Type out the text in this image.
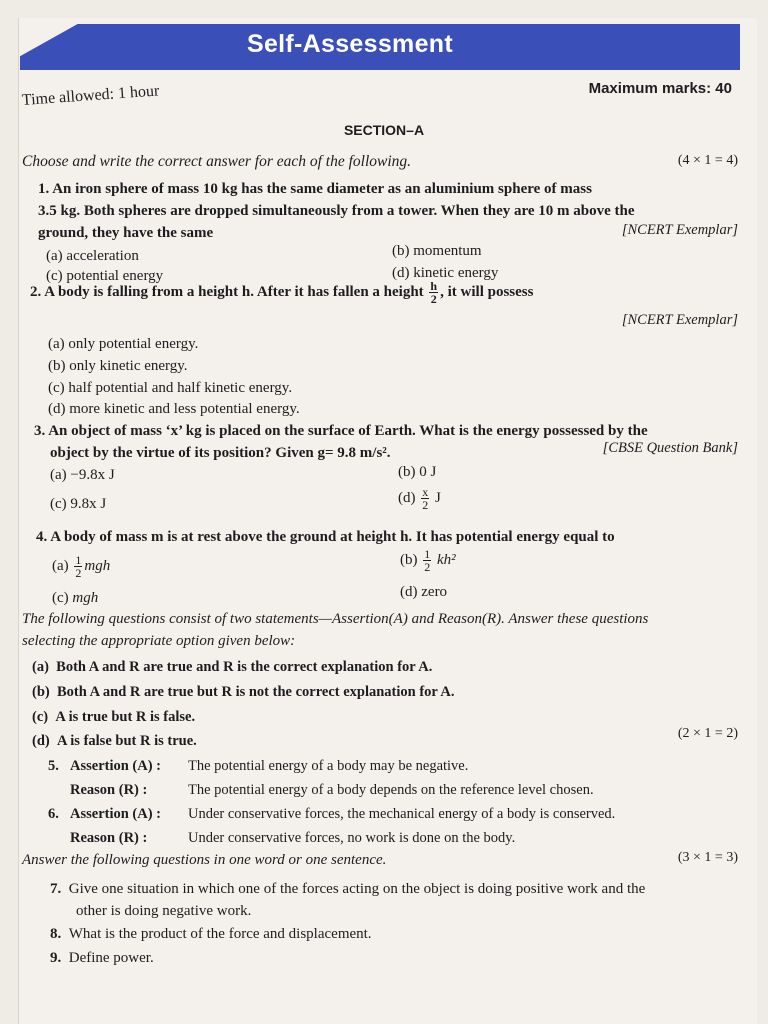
Self-Assessment
Time allowed: 1 hour	Maximum marks: 40
SECTION–A
Choose and write the correct answer for each of the following.	(4 × 1 = 4)
1. An iron sphere of mass 10 kg has the same diameter as an aluminium sphere of mass
3.5 kg. Both spheres are dropped simultaneously from a tower. When they are 10 m above the
ground, they have the same	[NCERT Exemplar]
(a) acceleration	(b) momentum
(c) potential energy	(d) kinetic energy
2. A body is falling from a height h. After it has fallen a height $\frac{h}{2}$ , it will possess
[NCERT Exemplar]
(a) only potential energy.
(b) only kinetic energy.
(c) half potential and half kinetic energy.
(d) more kinetic and less potential energy.
3. An object of mass ‘x’ kg is placed on the surface of Earth. What is the energy possessed by the
object by the virtue of its position? Given g= 9.8 m/s².	[CBSE Question Bank]
(a) −9.8x J	(b) 0 J
(c) 9.8x J	$(d) \frac{x}{2}$ J
4. A body of mass m is at rest above the ground at height h. It has potential energy equal to
$(a) \frac{1}{2}$ mgh	$(b) \frac{1}{2} kh^2$
(c) mgh	(d) zero
The following questions consist of two statements—Assertion(A) and Reason(R). Answer these questions
selecting the appropriate option given below:
(a) Both A and R are true and R is the correct explanation for A.
(b) Both A and R are true but R is not the correct explanation for A.
(c) A is true but R is false.
(d) A is false but R is true.	(2 × 1 = 2)
5. Assertion (A) : The potential energy of a body may be negative.
Reason (R) :	The potential energy of a body depends on the reference level chosen.
6. Assertion (A) : Under conservative forces, the mechanical energy of a body is conserved.
Reason (R) :	Under conservative forces, no work is done on the body.
Answer the following questions in one word or one sentence.	(3 × 1 = 3)
7. Give one situation in which one of the forces acting on the object is doing positive work and the
other is doing negative work.
8. What is the product of the force and displacement.
9. Define power.
